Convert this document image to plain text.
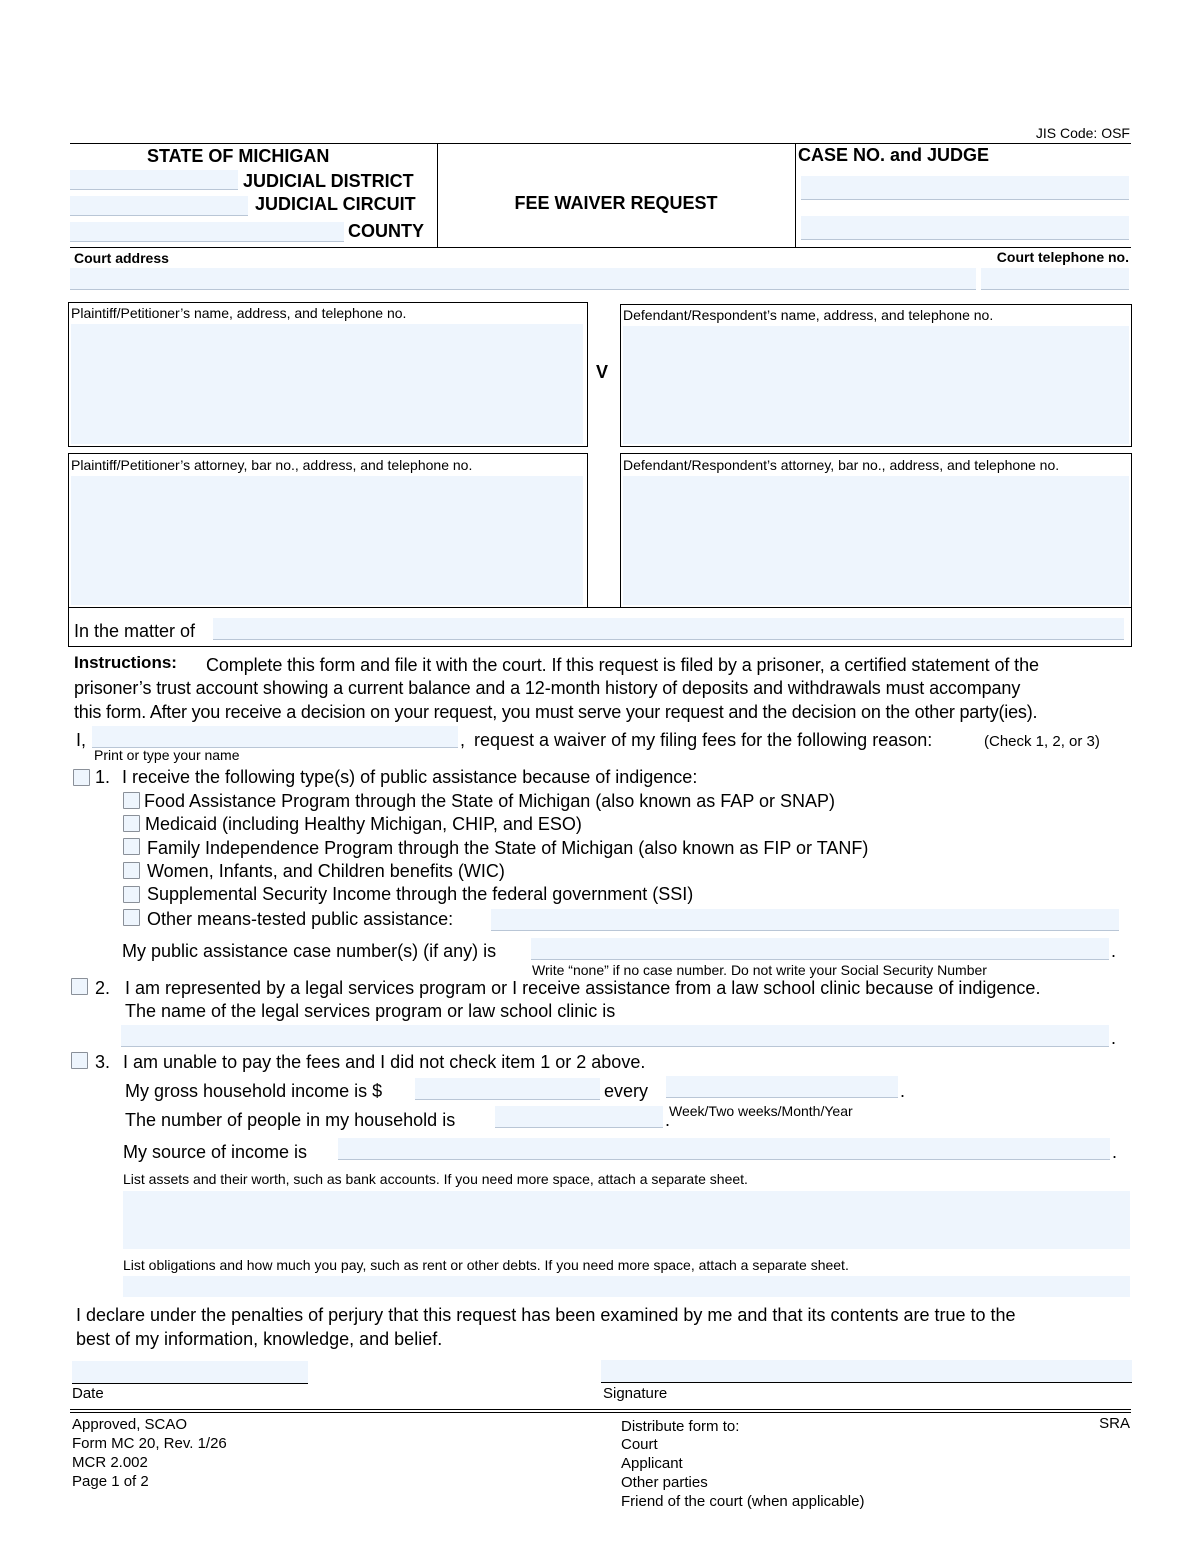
JIS Code: OSF
STATE OF MICHIGAN
JUDICIAL DISTRICT
JUDICIAL CIRCUIT
COUNTY
FEE WAIVER REQUEST
CASE NO. and JUDGE
Court address	Court telephone no.
Plaintiff/Petitioner’s name, address, and telephone no.
V
Defendant/Respondent’s name, address, and telephone no.
Plaintiff/Petitioner’s attorney, bar no., address, and telephone no.	Defendant/Respondent’s attorney, bar no., address, and telephone no.
In the matter of
Instructions: Complete this form and file it with the court. If this request is filed by a prisoner, a certified statement of the
prisoner’s trust account showing a current balance and a 12-month history of deposits and withdrawals must accompany
this form. After you receive a decision on your request, you must serve your request and the decision on the other party(ies).
I,	, request a waiver of my filing fees for the following reason:	(Check 1, 2, or 3)
Print or type your name
1. I receive the following type(s) of public assistance because of indigence:
Food Assistance Program through the State of Michigan (also known as FAP or SNAP)
Medicaid (including Healthy Michigan, CHIP, and ESO)
Family Independence Program through the State of Michigan (also known as FIP or TANF)
Women, Infants, and Children benefits (WIC)
Supplemental Security Income through the federal government (SSI)
Other means-tested public assistance:
My public assistance case number(s) (if any) is	.
Write “none” if no case number. Do not write your Social Security Number
2. I am represented by a legal services program or I receive assistance from a law school clinic because of indigence.
The name of the legal services program or law school clinic is
.
3. I am unable to pay the fees and I did not check item 1 or 2 above.
My gross household income is $	every	.
Week/Two weeks/Month/Year
The number of people in my household is	.
My source of income is	.
List assets and their worth, such as bank accounts. If you need more space, attach a separate sheet.
List obligations and how much you pay, such as rent or other debts. If you need more space, attach a separate sheet.
I declare under the penalties of perjury that this request has been examined by me and that its contents are true to the
best of my information, knowledge, and belief.
Date	Signature
Approved, SCAO
Form MC 20, Rev. 1/26
MCR 2.002
Page 1 of 2
Distribute form to:
Court
Applicant
Other parties
Friend of the court (when applicable)
SRA
